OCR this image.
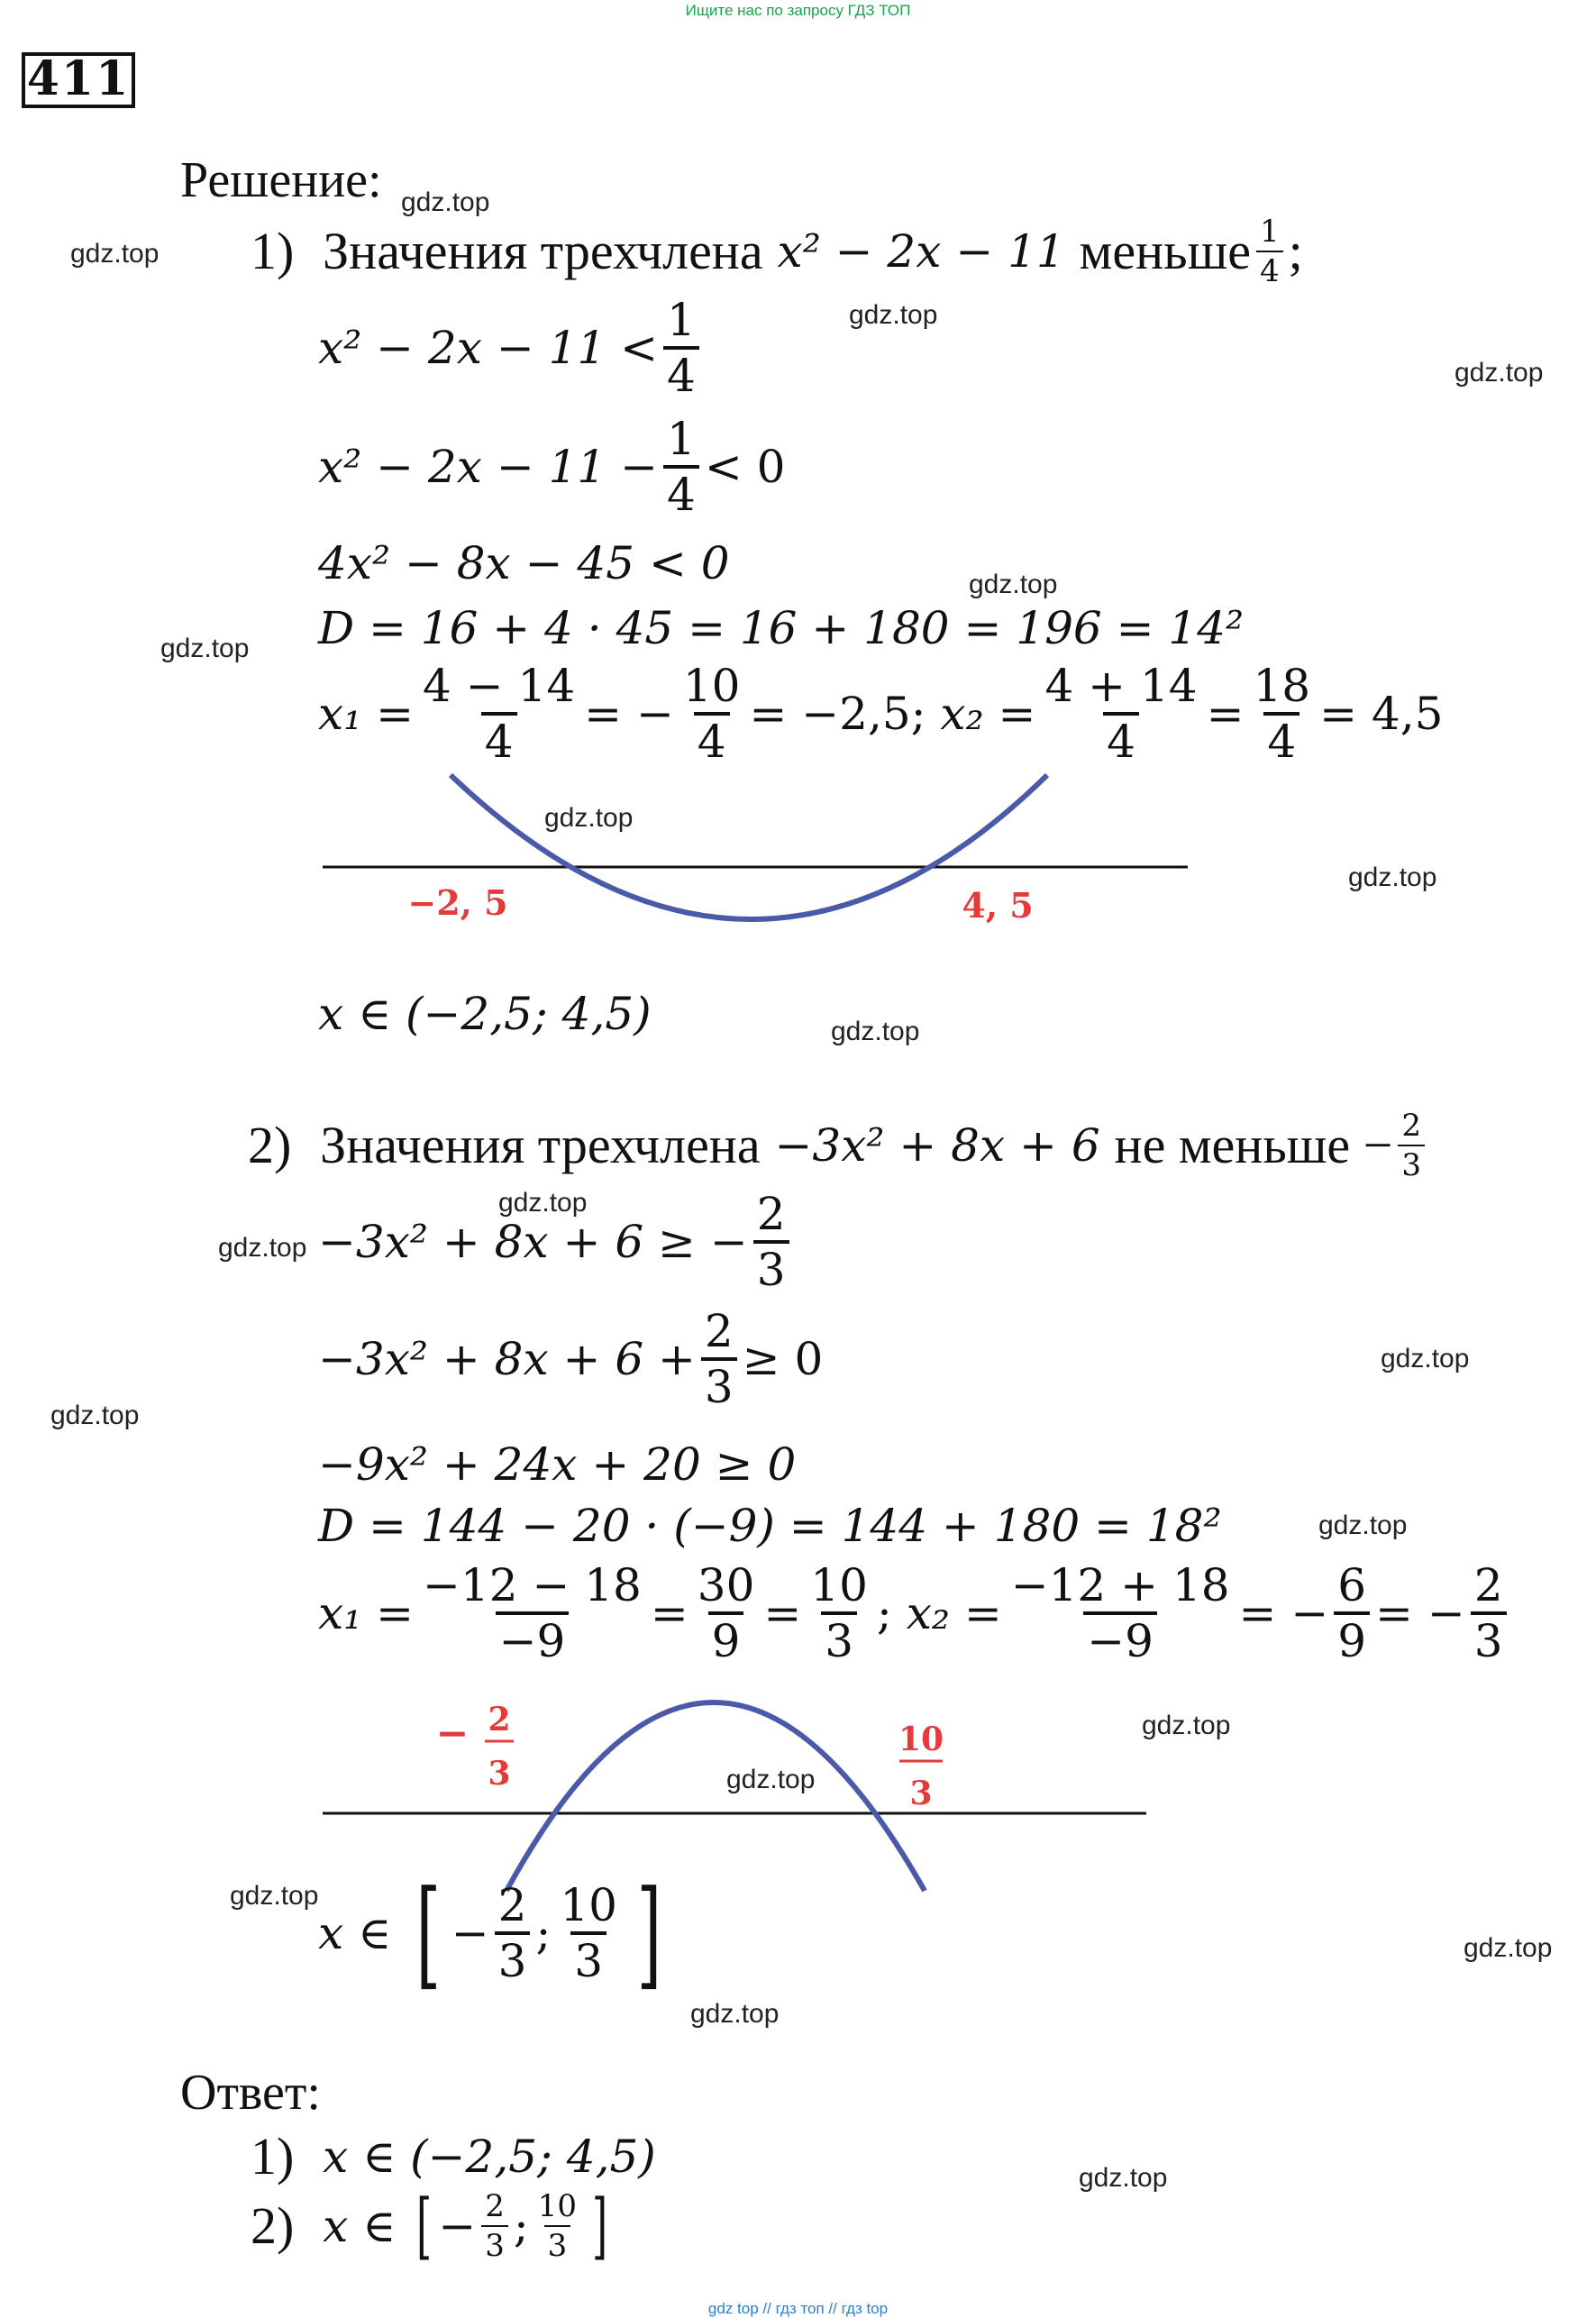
Ищите нас по запросу ГДЗ ТОП
gdz top // гдз топ // гдз top
411
gdz.top
gdz.top
gdz.top
gdz.top
gdz.top
gdz.top
gdz.top
gdz.top
gdz.top
gdz.top
gdz.top
gdz.top
gdz.top
gdz.top
gdz.top
gdz.top
gdz.top
gdz.top
gdz.top
gdz.top
Решение:
1)
Значения трехчлена
x² − 2x − 11
меньше $\frac{1}{4}$ ;
$x^2 - 2x - 11 < \frac{1}{4}$
$x^2 - 2x - 11 - \frac{1}{4} < 0$
4x² − 8x − 45 < 0
D = 16 + 4 · 45 = 16 + 180 = 196 = 14²
$x_1 = \frac{4 - 14}{4}$ = − $\frac{10}{4} = -2,5$;
$x_2 = \frac{4 + 14}{4} = \frac{18}{4} = 4,5$
−2, 5	4, 5
x ∈ (−2,5; 4,5)
2)
Значения трехчлена
−3x² + 8x + 6
не меньше − $\frac{2}{3}$
−3x² + 8x + 6 ≥ − $\frac{2}{3}$
$-3x^2 + 8x + 6 + \frac{2}{3} \ge 0$
−9x² + 24x + 20 ≥ 0
D = 144 − 20 · (−9) = 144 + 180 = 18²
$x_1 = \frac{-12 - 18}{-9} = \frac{30}{9} = \frac{10}{3}$ ;
$x_2 = \frac{-12 + 18}{-9}$ = − $\frac{6}{9}$ = − $\frac{2}{3}$
− 2
3
10
3
x ∈
[ − $\frac{2}{3}$ ; $\frac{10}{3}$ ]
Ответ:
1)
x ∈ (−2,5; 4,5)
2)
x ∈
[ − $\frac{2}{3}$ ; $\frac{10}{3}$ ]
